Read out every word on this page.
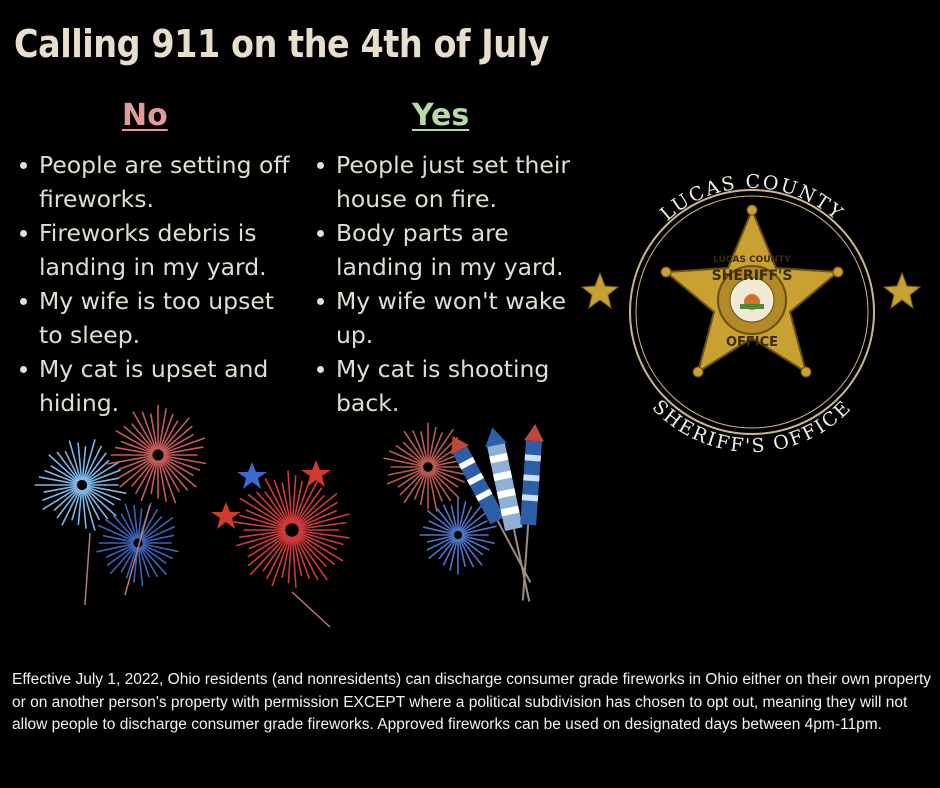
Calling 911 on the 4th of July
No	Yes
People are setting off fireworks.
Fireworks debris is landing in my yard.
My wife is too upset to sleep.
My cat is upset and hiding.
People just set their house on fire.
Body parts are landing in my yard.
My wife won't wake up.
My cat is shooting back.
LUCAS COUNTY
SHERIFF'S OFFICE
LUCAS COUNTY
SHERIFF'S
OFFICE

Effective July 1, 2022, Ohio residents (and nonresidents) can discharge consumer grade fireworks in Ohio either on their own property or on another person's property with permission EXCEPT where a political subdivision has chosen to opt out, meaning they will not allow people to discharge consumer grade fireworks. Approved fireworks can be used on designated days between 4pm-11pm.
